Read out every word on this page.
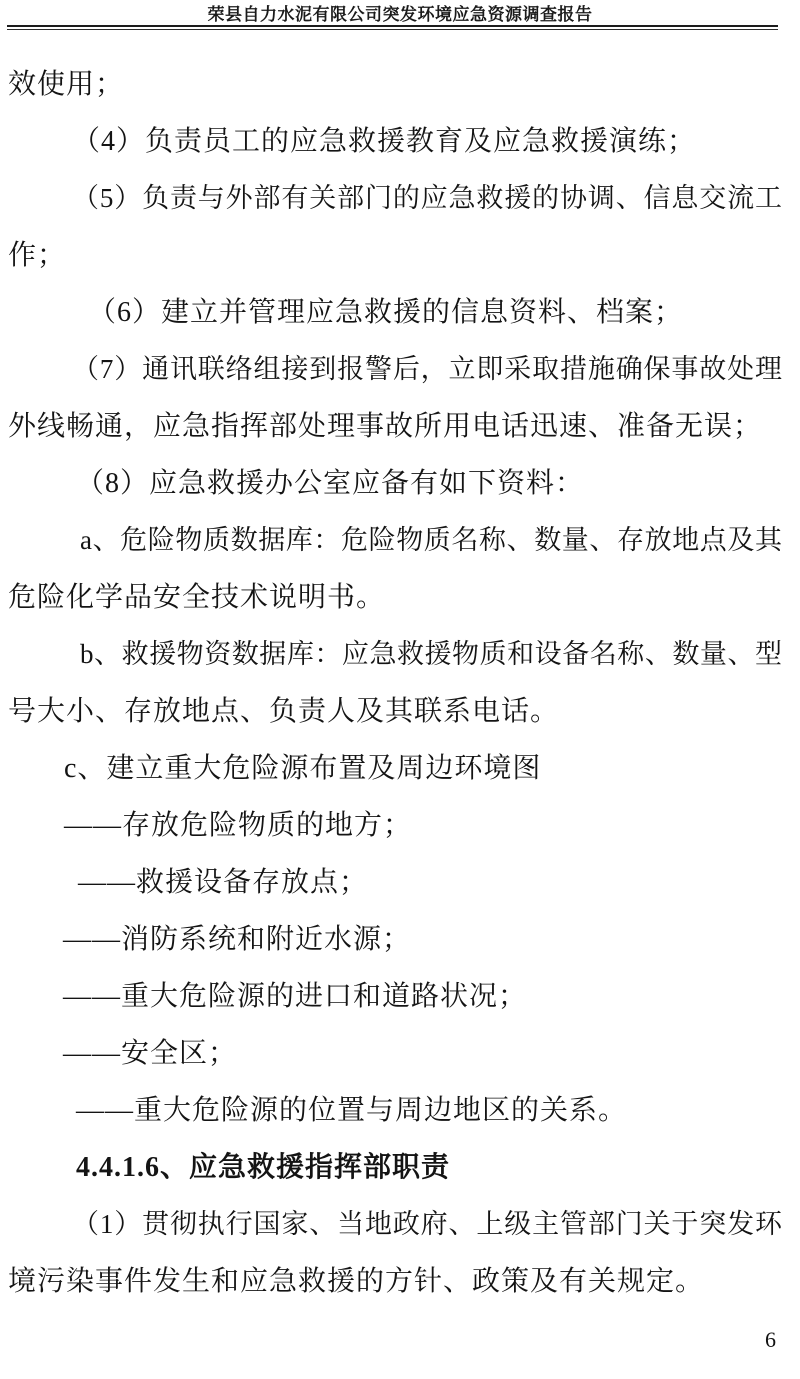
荣县自力水泥有限公司突发环境应急资源调查报告
效使用；
（4）负责员工的应急救援教育及应急救援演练；
（5）负责与外部有关部门的应急救援的协调、信息交流工
作；
（6）建立并管理应急救援的信息资料、档案；
（7）通讯联络组接到报警后，立即采取措施确保事故处理
外线畅通，应急指挥部处理事故所用电话迅速、准备无误；
（8）应急救援办公室应备有如下资料：
a、危险物质数据库：危险物质名称、数量、存放地点及其
危险化学品安全技术说明书。
b、救援物资数据库：应急救援物质和设备名称、数量、型
号大小、存放地点、负责人及其联系电话。
c、建立重大危险源布置及周边环境图
——存放危险物质的地方；
——救援设备存放点；
——消防系统和附近水源；
——重大危险源的进口和道路状况；
——安全区；
——重大危险源的位置与周边地区的关系。
4.4.1.6、应急救援指挥部职责
（1）贯彻执行国家、当地政府、上级主管部门关于突发环
境污染事件发生和应急救援的方针、政策及有关规定。
6
